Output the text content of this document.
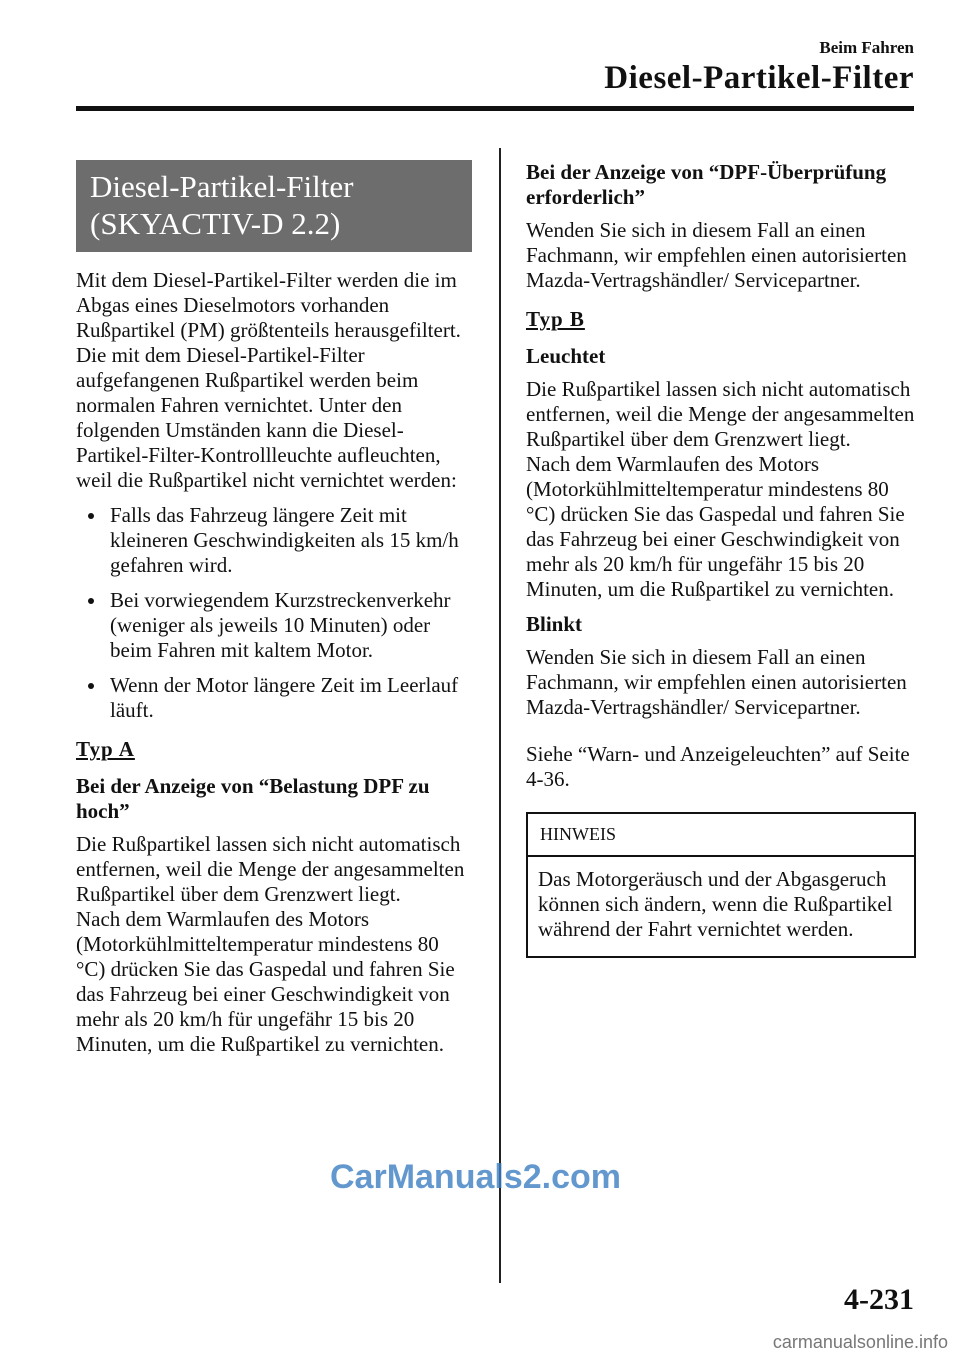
Beim Fahren
Diesel-Partikel-Filter
Diesel-Partikel-Filter
(SKYACTIV-D 2.2)

Mit dem Diesel-Partikel-Filter werden die im Abgas eines Dieselmotors vorhanden Rußpartikel (PM) größtenteils herausgefiltert.

Die mit dem Diesel-Partikel-Filter aufgefangenen Rußpartikel werden beim normalen Fahren vernichtet. Unter den folgenden Umständen kann die Diesel-Partikel-Filter-Kontrollleuchte aufleuchten, weil die Rußpartikel nicht vernichtet werden:

Falls das Fahrzeug längere Zeit mit kleineren Geschwindigkeiten als 15 km/h gefahren wird.
Bei vorwiegendem Kurzstreckenverkehr (weniger als jeweils 10 Minuten) oder beim Fahren mit kaltem Motor.
Wenn der Motor längere Zeit im Leerlauf läuft.
Typ A
Bei der Anzeige von “Belastung DPF zu hoch”

Die Rußpartikel lassen sich nicht automatisch entfernen, weil die Menge der angesammelten Rußpartikel über dem Grenzwert liegt.

Nach dem Warmlaufen des Motors (Motorkühlmitteltemperatur mindestens 80 °C) drücken Sie das Gaspedal und fahren Sie das Fahrzeug bei einer Geschwindigkeit von mehr als 20 km/h für ungefähr 15 bis 20 Minuten, um die Rußpartikel zu vernichten.

Bei der Anzeige von “DPF-Überprüfung erforderlich”

Wenden Sie sich in diesem Fall an einen Fachmann, wir empfehlen einen autorisierten Mazda-Vertragshändler/ Servicepartner.

Typ B
Leuchtet

Die Rußpartikel lassen sich nicht automatisch entfernen, weil die Menge der angesammelten Rußpartikel über dem Grenzwert liegt.

Nach dem Warmlaufen des Motors (Motorkühlmitteltemperatur mindestens 80 °C) drücken Sie das Gaspedal und fahren Sie das Fahrzeug bei einer Geschwindigkeit von mehr als 20 km/h für ungefähr 15 bis 20 Minuten, um die Rußpartikel zu vernichten.

Blinkt

Wenden Sie sich in diesem Fall an einen Fachmann, wir empfehlen einen autorisierten Mazda-Vertragshändler/ Servicepartner.

Siehe “Warn- und Anzeigeleuchten” auf Seite 4-36.

HINWEIS
Das Motorgeräusch und der Abgasgeruch können sich ändern, wenn die Rußpartikel während der Fahrt vernichtet werden.
CarManuals2.com
4-231
carmanualsonline.info
